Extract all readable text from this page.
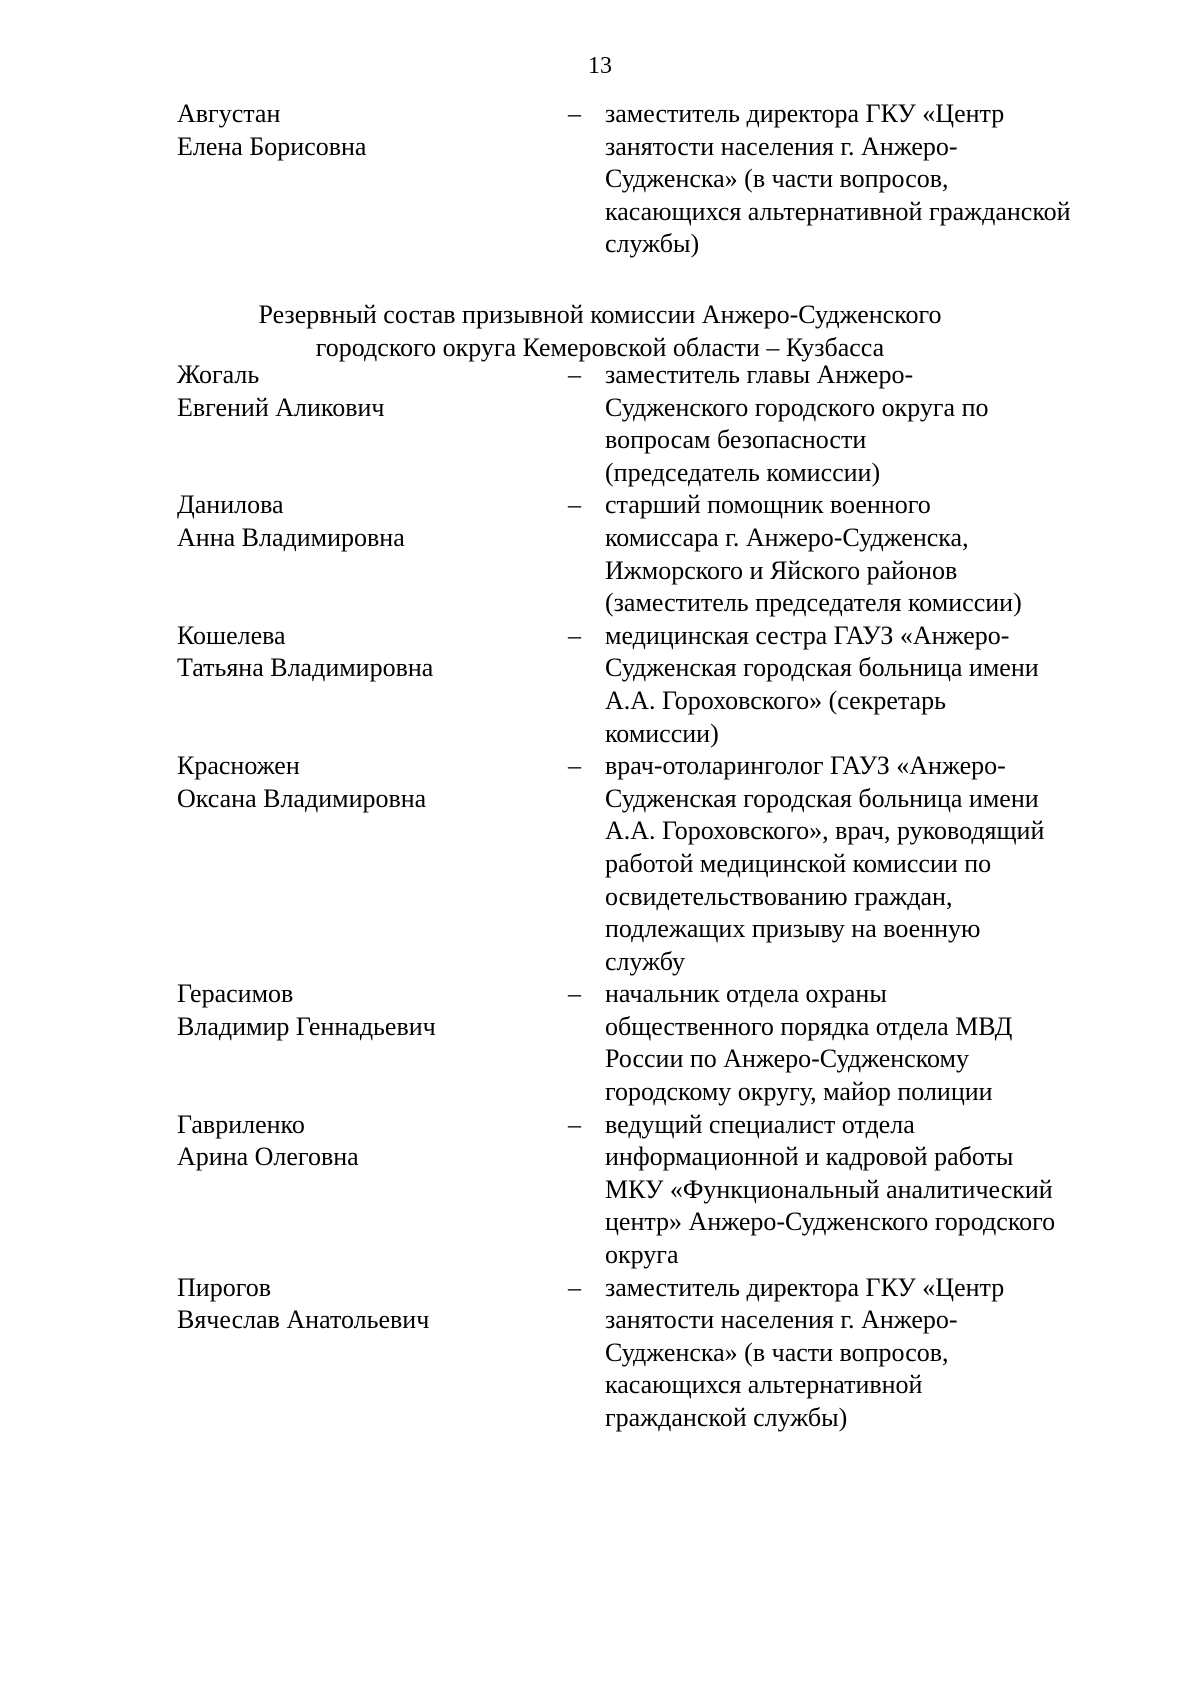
13
Августан
Елена Борисовна
– заместитель директора ГКУ «Центр
занятости населения г. Анжеро-
Судженска» (в части вопросов,
касающихся альтернативной гражданской
службы)
Резервный состав призывной комиссии Анжеро-Судженского
городского округа Кемеровской области – Кузбасса
Жогаль
Евгений Аликович
– заместитель главы Анжеро-
Судженского городского округа по
вопросам безопасности
(председатель комиссии)
Данилова
Анна Владимировна
– старший помощник военного
комиссара г. Анжеро-Судженска,
Ижморского и Яйского районов
(заместитель председателя комиссии)
Кошелева
Татьяна Владимировна
– медицинская сестра ГАУЗ «Анжеро-
Судженская городская больница имени
А.А. Гороховского» (секретарь
комиссии)
Красножен
Оксана Владимировна
– врач-отоларинголог ГАУЗ «Анжеро-
Судженская городская больница имени
А.А. Гороховского», врач, руководящий
работой медицинской комиссии по
освидетельствованию граждан,
подлежащих призыву на военную
службу
Герасимов
Владимир Геннадьевич
– начальник отдела охраны
общественного порядка отдела МВД
России по Анжеро-Судженскому
городскому округу, майор полиции
Гавриленко
Арина Олеговна
– ведущий специалист отдела
информационной и кадровой работы
МКУ «Функциональный аналитический
центр» Анжеро-Судженского городского
округа
Пирогов
Вячеслав Анатольевич
– заместитель директора ГКУ «Центр
занятости населения г. Анжеро-
Судженска» (в части вопросов,
касающихся альтернативной
гражданской службы)
